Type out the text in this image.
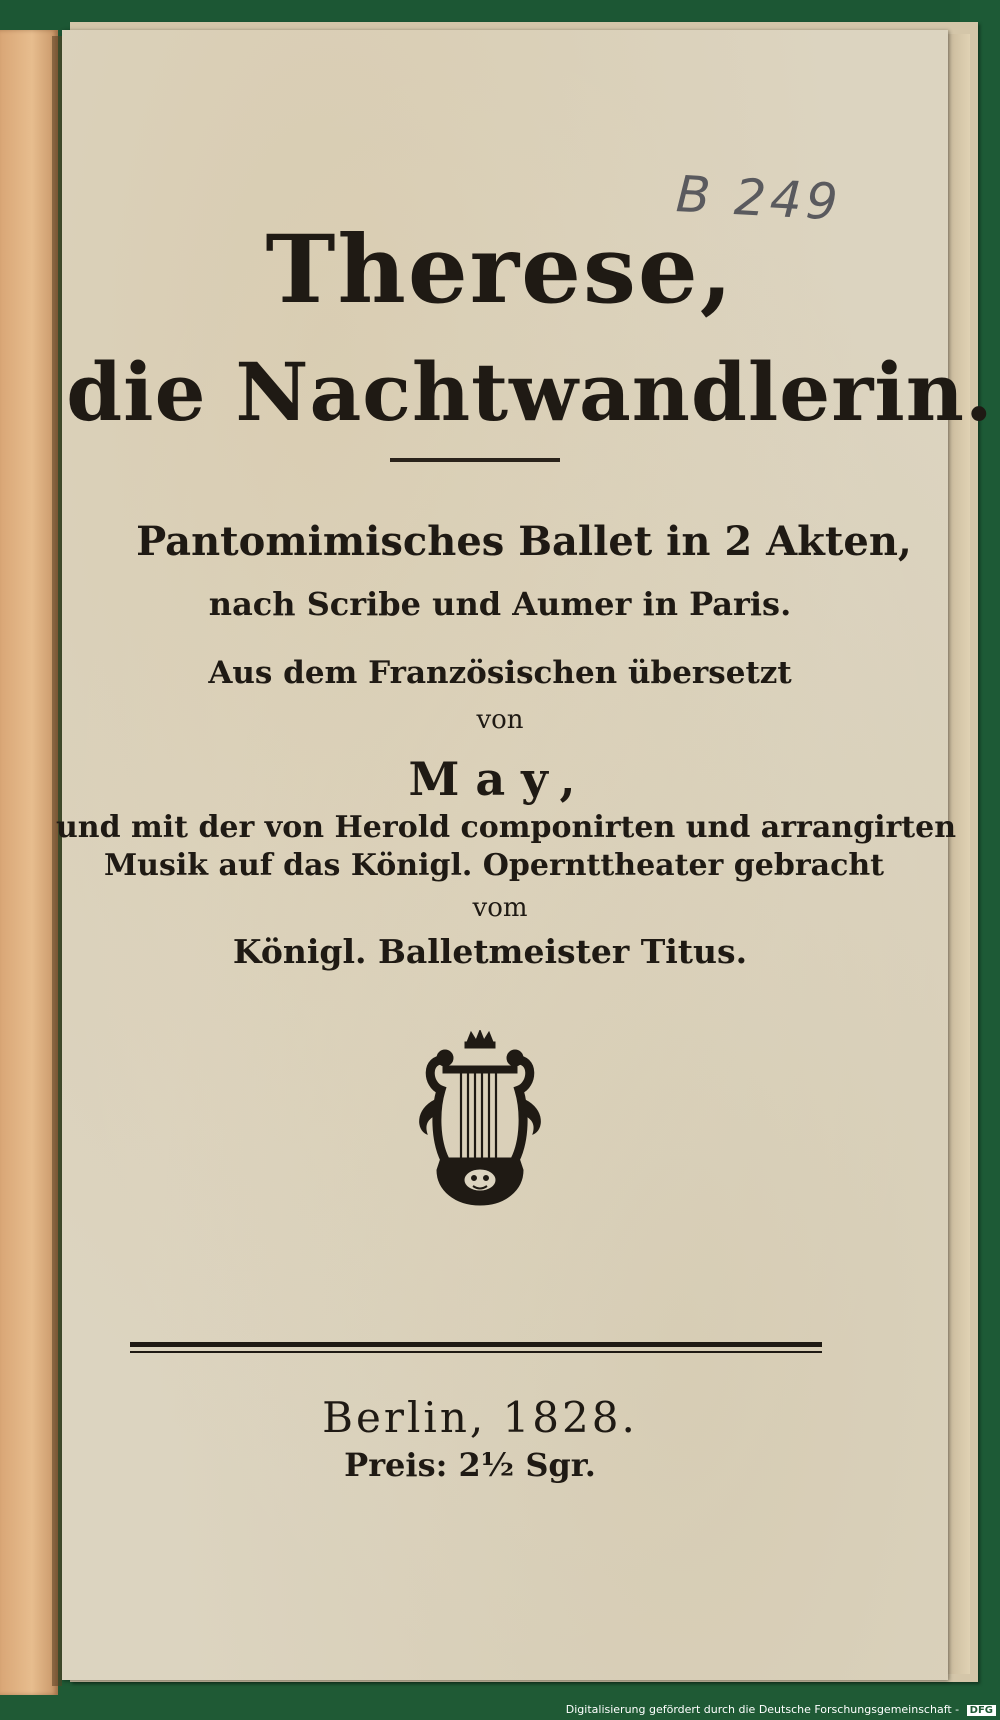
B 249
Therese,
die Nachtwandlerin.
Pantomimisches Ballet in 2 Akten,
nach Scribe und Aumer in Paris.
Aus dem Französischen übersetzt
von
May,
und mit der von Herold componirten und arrangirten
Musik auf das Königl. Opernttheater gebracht
vom
Königl. Balletmeister Titus.
Berlin, 1828.
Preis: 2½ Sgr.
Digitalisierung gefördert durch die Deutsche Forschungsgemeinschaft - DFG
